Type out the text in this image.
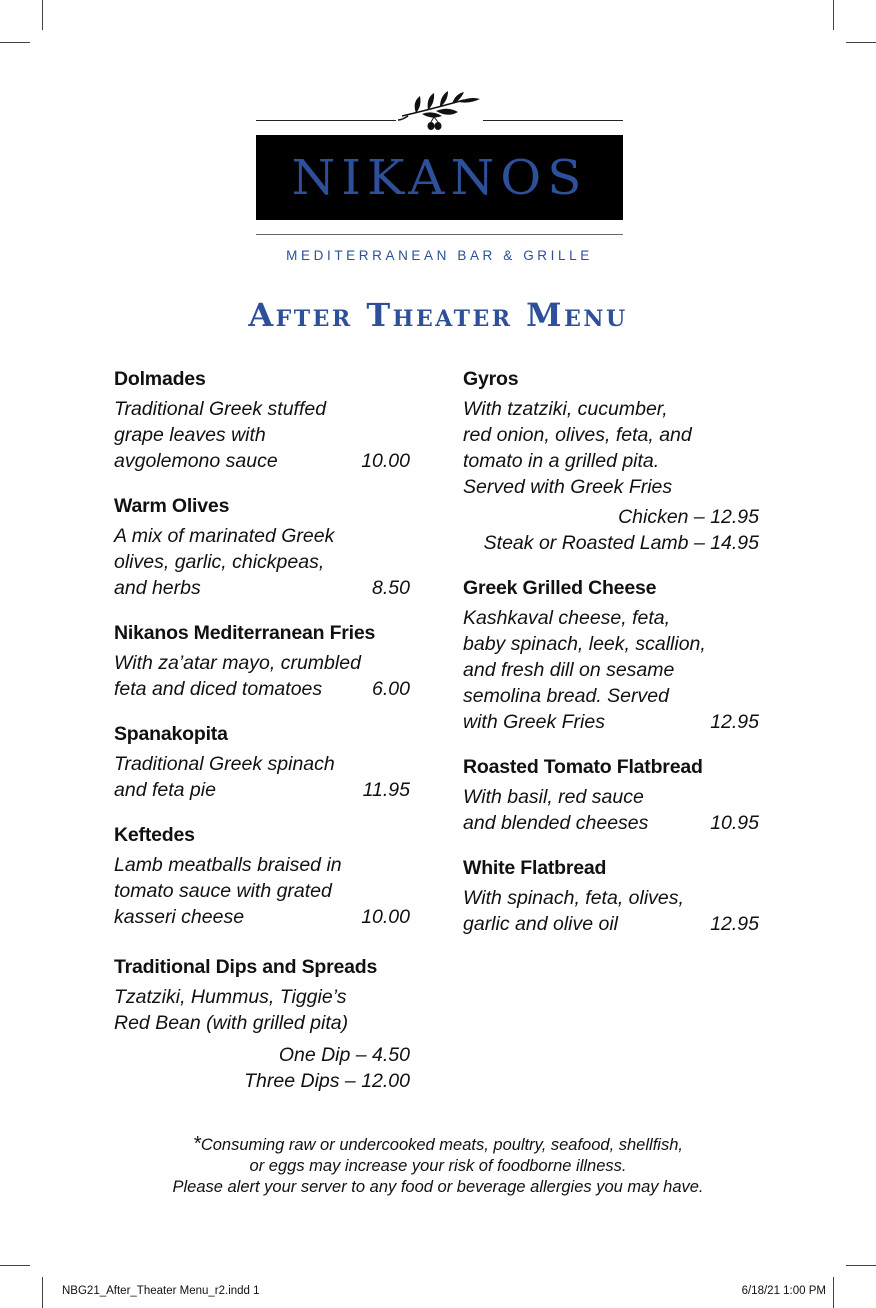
NIKANOS
MEDITERRANEAN BAR & GRILLE
After Theater Menu
Dolmades
Traditional Greek stuffed
grape leaves with
avgolemono sauce	10.00
Warm Olives
A mix of marinated Greek
olives, garlic, chickpeas,
and herbs	8.50
Nikanos Mediterranean Fries
With za’atar mayo, crumbled
feta and diced tomatoes	6.00
Spanakopita
Traditional Greek spinach
and feta pie	11.95
Keftedes
Lamb meatballs braised in
tomato sauce with grated
kasseri cheese	10.00
Traditional Dips and Spreads
Tzatziki, Hummus, Tiggie’s
Red Bean (with grilled pita)
One Dip – 4.50
Three Dips – 12.00
Gyros
With tzatziki, cucumber,
red onion, olives, feta, and
tomato in a grilled pita.
Served with Greek Fries
Chicken – 12.95
Steak or Roasted Lamb – 14.95
Greek Grilled Cheese
Kashkaval cheese, feta,
baby spinach, leek, scallion,
and fresh dill on sesame
semolina bread. Served
with Greek Fries	12.95
Roasted Tomato Flatbread
With basil, red sauce
and blended cheeses	10.95
White Flatbread
With spinach, feta, olives,
garlic and olive oil	12.95
*Consuming raw or undercooked meats, poultry, seafood, shellfish,
or eggs may increase your risk of foodborne illness.
Please alert your server to any food or beverage allergies you may have.
NBG21_After_Theater Menu_r2.indd 1	6/18/21 1:00 PM
